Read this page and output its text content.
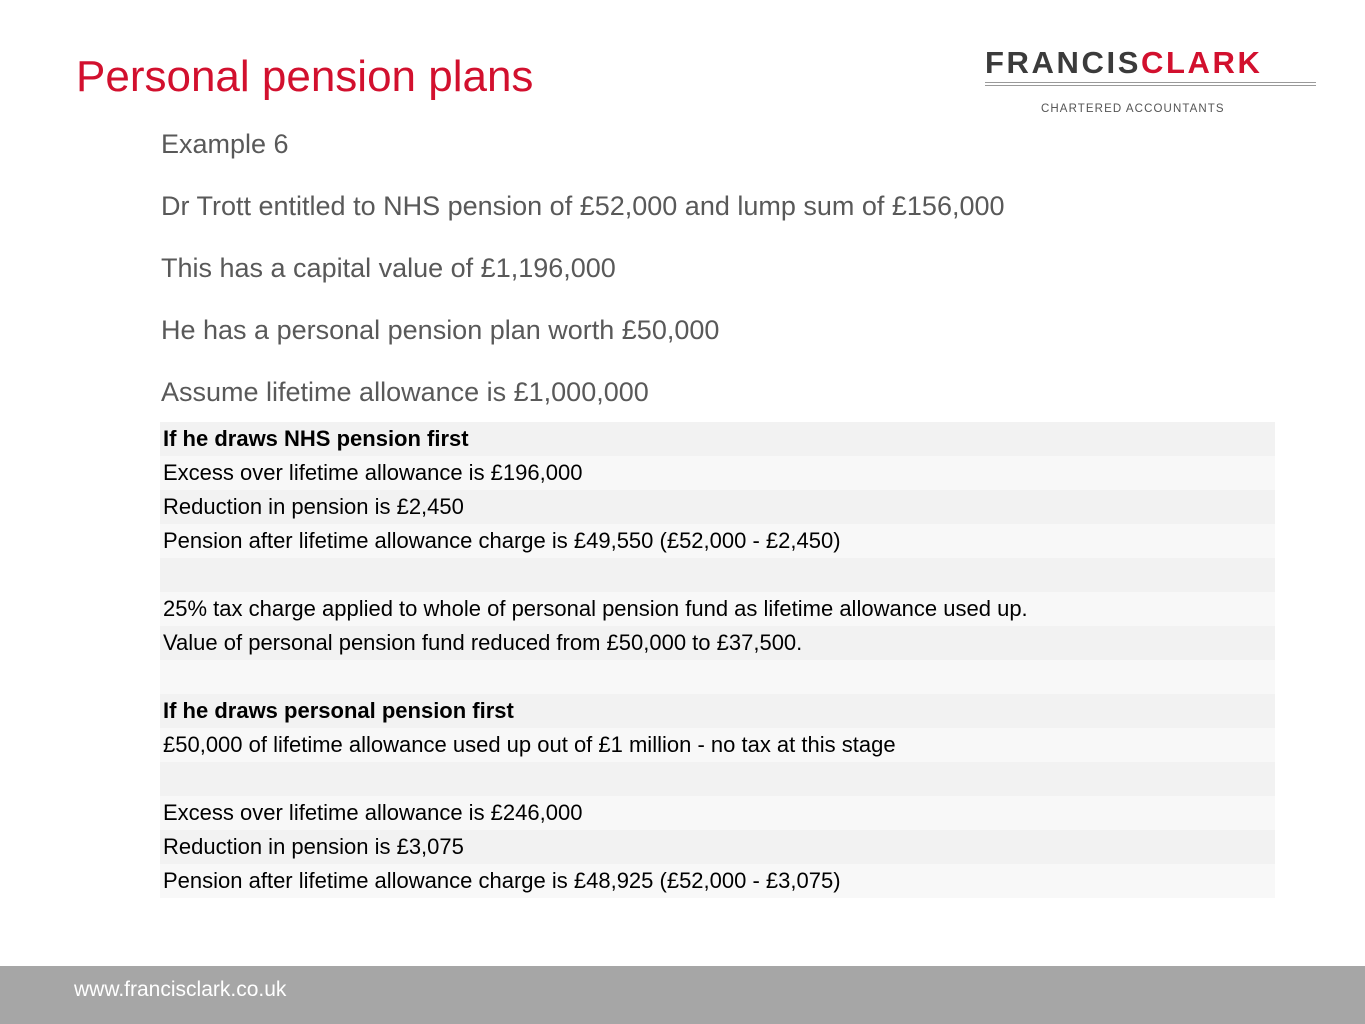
Personal pension plans	FRANCISCLARK
CHARTERED ACCOUNTANTS
Example 6
Dr Trott entitled to NHS pension of £52,000 and lump sum of £156,000
This has a capital value of £1,196,000
He has a personal pension plan worth £50,000
Assume lifetime allowance is £1,000,000
If he draws NHS pension first
Excess over lifetime allowance is £196,000
Reduction in pension is £2,450
Pension after lifetime allowance charge is £49,550 (£52,000 - £2,450)
25% tax charge applied to whole of personal pension fund as lifetime allowance used up.
Value of personal pension fund reduced from £50,000 to £37,500.
If he draws personal pension first
£50,000 of lifetime allowance used up out of £1 million - no tax at this stage
Excess over lifetime allowance is £246,000
Reduction in pension is £3,075
Pension after lifetime allowance charge is £48,925 (£52,000 - £3,075)
www.francisclark.co.uk
